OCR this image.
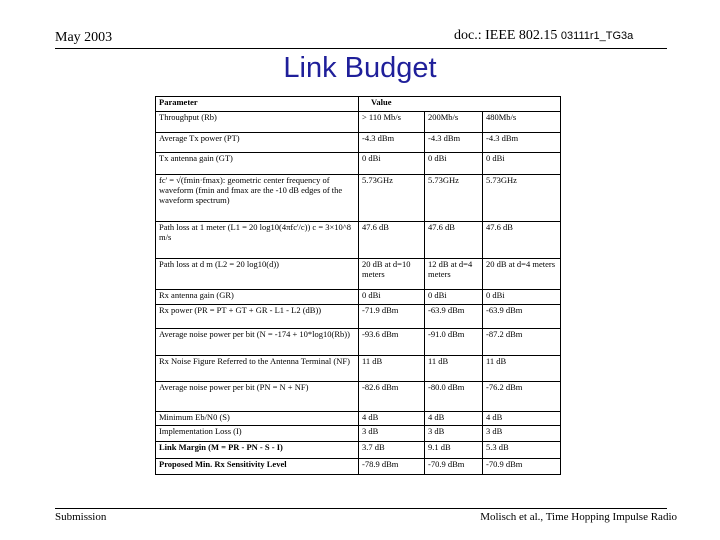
May 2003	doc.: IEEE 802.15 03111r1_TG3a
Link Budget
Parameter	Value		
Throughput (Rb)	> 110 Mb/s	200Mb/s	480Mb/s
Average Tx power (PT)	-4.3 dBm	-4.3 dBm	-4.3 dBm
Tx antenna gain (GT)	0 dBi	0 dBi	0 dBi
fc' = √(fmin·fmax): geometric center frequency of waveform (fmin and fmax are the -10 dB edges of the waveform spectrum)	5.73GHz	5.73GHz	5.73GHz
Path loss at 1 meter (L1 = 20 log10(4πfc'/c)) c = 3×10^8 m/s	47.6 dB	47.6 dB	47.6 dB
Path loss at d m (L2 = 20 log10(d))	20 dB at d=10 meters	12 dB at d=4 meters	20 dB at d=4 meters
Rx antenna gain (GR)	0 dBi	0 dBi	0 dBi
Rx power (PR = PT + GT + GR - L1 - L2 (dB))	-71.9 dBm	-63.9 dBm	-63.9 dBm
Average noise power per bit (N = -174 + 10*log10(Rb))	-93.6 dBm	-91.0 dBm	-87.2 dBm
Rx Noise Figure Referred to the Antenna Terminal (NF)	11 dB	11 dB	11 dB
Average noise power per bit (PN = N + NF)	-82.6 dBm	-80.0 dBm	-76.2 dBm
Minimum Eb/N0 (S)	4 dB	4 dB	4 dB
Implementation Loss (I)	3 dB	3 dB	3 dB
Link Margin (M = PR - PN - S - I)	3.7 dB	9.1 dB	5.3 dB
Proposed Min. Rx Sensitivity Level	-78.9 dBm	-70.9 dBm	-70.9 dBm
Submission	Molisch et al., Time Hopping Impulse Radio
